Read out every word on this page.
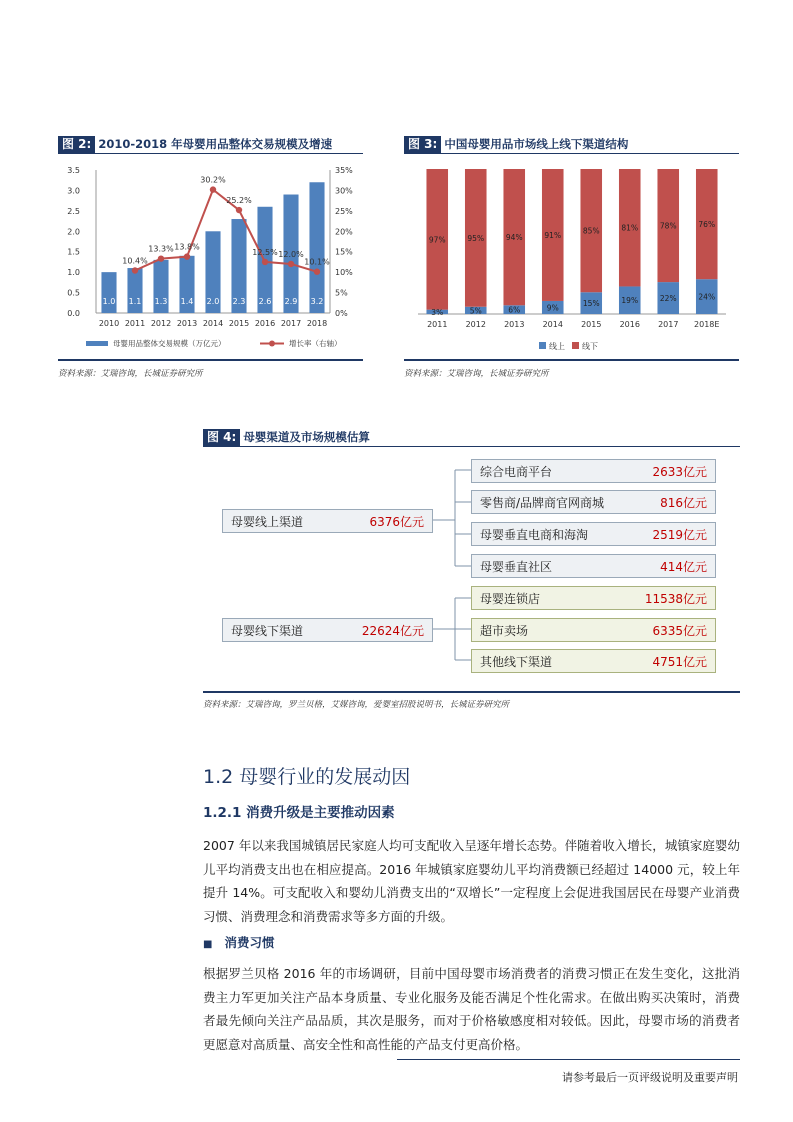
图 2: 2010-2018 年母婴用品整体交易规模及增速
0.0
0.5
1.0
1.5
2.0
2.5
3.0
3.5
0%
5%
10%
15%
20%
25%
30%
35%
1.0
2010
1.1
2011
1.3
2012
1.4
2013
2.0
2014
2.3
2015
2.6
2016
2.9
2017
3.2
2018
10.4%
13.3% 13.8%
30.2%
25.2%
12.5% 12.0%
10.1%
母婴用品整体交易规模（万亿元）	增长率（右轴）
资料来源：艾瑞咨询，长城证券研究所
图 3: 中国母婴用品市场线上线下渠道结构
97%
3%
2011
95%
5%
2012
94%
6%
2013
91%
9%
2014
85%
15%
2015
81%
19%
2016
78%
22%
2017
76%
24%
2018E
线上 线下
资料来源：艾瑞咨询，长城证券研究所
图 4: 母婴渠道及市场规模估算
母婴线上渠道	6376亿元
母婴线下渠道	22624亿元
综合电商平台	2633亿元
零售商/品牌商官网商城	816亿元
母婴垂直电商和海淘	2519亿元
母婴垂直社区	414亿元
母婴连锁店	11538亿元
超市卖场	6335亿元
其他线下渠道	4751亿元
资料来源：艾瑞咨询，罗兰贝格，艾媒咨询，爱婴室招股说明书，长城证券研究所
1.2 母婴行业的发展动因
1.2.1 消费升级是主要推动因素
2007 年以来我国城镇居民家庭人均可支配收入呈逐年增长态势。伴随着收入增长，城镇家庭婴幼儿平均消费支出也在相应提高。2016 年城镇家庭婴幼儿平均消费额已经超过 14000 元，较上年提升 14%。可支配收入和婴幼儿消费支出的“双增长”一定程度上会促进我国居民在母婴产业消费习惯、消费理念和消费需求等多方面的升级。
■ 消费习惯
根据罗兰贝格 2016 年的市场调研，目前中国母婴市场消费者的消费习惯正在发生变化，这批消费主力军更加关注产品本身质量、专业化服务及能否满足个性化需求。在做出购买决策时，消费者最先倾向关注产品品质，其次是服务，而对于价格敏感度相对较低。因此，母婴市场的消费者更愿意对高质量、高安全性和高性能的产品支付更高价格。
请参考最后一页评级说明及重要声明
